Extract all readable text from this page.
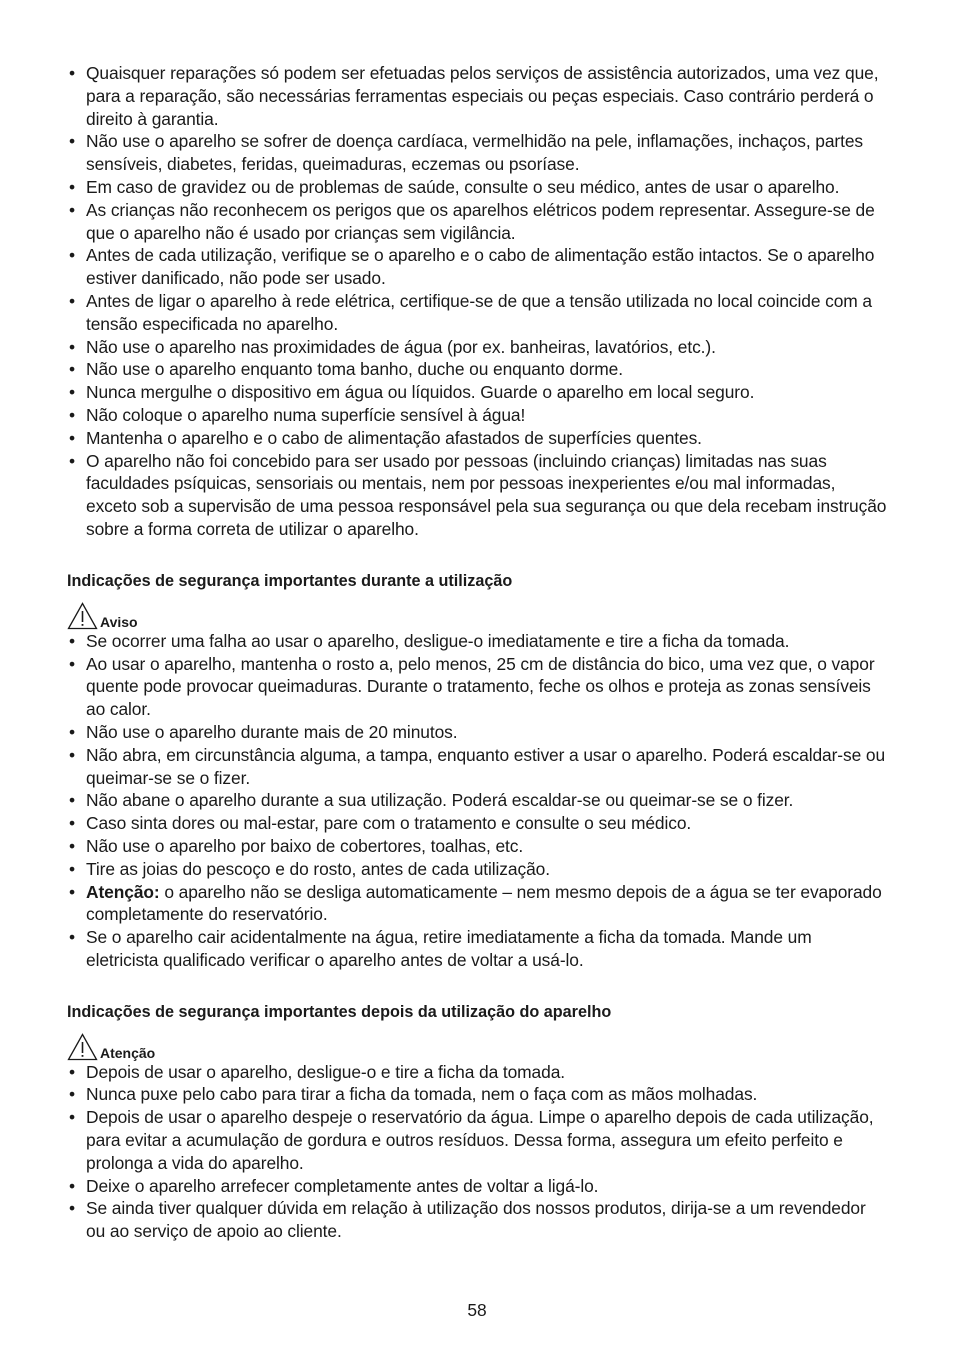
• Quaisquer reparações só podem ser efetuadas pelos serviços de assistência autorizados, uma vez que, para a reparação, são necessárias ferramentas especiais ou peças especiais. Caso contrário perderá o direito à garantia.
• Não use o aparelho se sofrer de doença cardíaca, vermelhidão na pele, inflamações, inchaços, partes sensíveis, diabetes, feridas, queimaduras, eczemas ou psoríase.
• Em caso de gravidez ou de problemas de saúde, consulte o seu médico, antes de usar o aparelho.
• As crianças não reconhecem os perigos que os aparelhos elétricos podem representar. Assegure-se de que o aparelho não é usado por crianças sem vigilância.
• Antes de cada utilização, verifique se o aparelho e o cabo de alimentação estão intactos. Se o aparelho estiver danificado, não pode ser usado.
• Antes de ligar o aparelho à rede elétrica, certifique-se de que a tensão utilizada no local coincide com a tensão especificada no aparelho.
• Não use o aparelho nas proximidades de água (por ex. banheiras, lavatórios, etc.).
• Não use o aparelho enquanto toma banho, duche ou enquanto dorme.
• Nunca mergulhe o dispositivo em água ou líquidos. Guarde o aparelho em local seguro.
• Não coloque o aparelho numa superfície sensível à água!
• Mantenha o aparelho e o cabo de alimentação afastados de superfícies quentes.
• O aparelho não foi concebido para ser usado por pessoas (incluindo crianças) limitadas nas suas faculdades psíquicas, sensoriais ou mentais, nem por pessoas inexperientes e/ou mal informadas, exceto sob a supervisão de uma pessoa responsável pela sua segurança ou que dela recebam instrução sobre a forma correta de utilizar o aparelho.
Indicações de segurança importantes durante a utilização
Aviso
• Se ocorrer uma falha ao usar o aparelho, desligue-o imediatamente e tire a ficha da tomada.
• Ao usar o aparelho, mantenha o rosto a, pelo menos, 25 cm de distância do bico, uma vez que, o vapor quente pode provocar queimaduras. Durante o tratamento, feche os olhos e proteja as zonas sensíveis ao calor.
• Não use o aparelho durante mais de 20 minutos.
• Não abra, em circunstância alguma, a tampa, enquanto estiver a usar o aparelho. Poderá escaldar-se ou queimar-se se o fizer.
• Não abane o aparelho durante a sua utilização. Poderá escaldar-se ou queimar-se se o fizer.
• Caso sinta dores ou mal-estar, pare com o tratamento e consulte o seu médico.
• Não use o aparelho por baixo de cobertores, toalhas, etc.
• Tire as joias do pescoço e do rosto, antes de cada utilização.
• Atenção: o aparelho não se desliga automaticamente – nem mesmo depois de a água se ter evaporado completamente do reservatório.
• Se o aparelho cair acidentalmente na água, retire imediatamente a ficha da tomada. Mande um eletricista qualificado verificar o aparelho antes de voltar a usá-lo.
Indicações de segurança importantes depois da utilização do aparelho
Atenção
• Depois de usar o aparelho, desligue-o e tire a ficha da tomada.
• Nunca puxe pelo cabo para tirar a ficha da tomada, nem o faça com as mãos molhadas.
• Depois de usar o aparelho despeje o reservatório da água. Limpe o aparelho depois de cada utilização, para evitar a acumulação de gordura e outros resíduos. Dessa forma, assegura um efeito perfeito e prolonga a vida do aparelho.
• Deixe o aparelho arrefecer completamente antes de voltar a ligá-lo.
• Se ainda tiver qualquer dúvida em relação à utilização dos nossos produtos, dirija-se a um revendedor ou ao serviço de apoio ao cliente.
58
